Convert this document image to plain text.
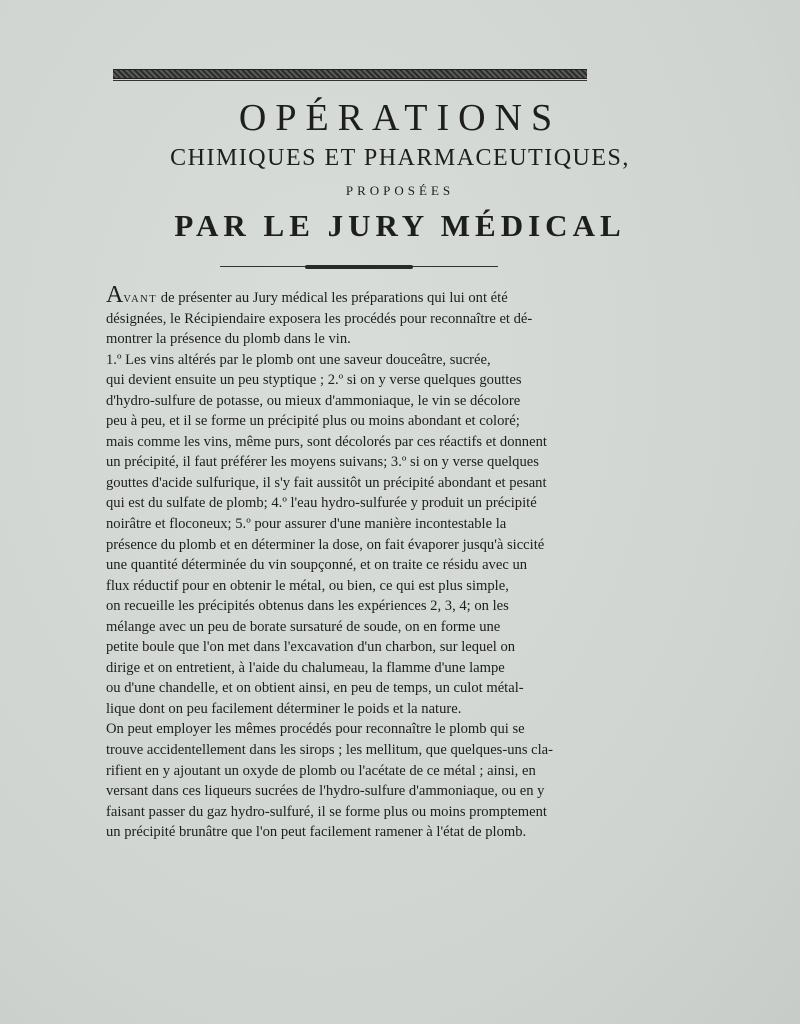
OPÉRATIONS
CHIMIQUES ET PHARMACEUTIQUES,
PROPOSÉES
PAR LE JURY MÉDICAL
AVANT de présenter au Jury médical les préparations qui lui ont été
désignées, le Récipiendaire exposera les procédés pour reconnaître et dé-
montrer la présence du plomb dans le vin.
1.º Les vins altérés par le plomb ont une saveur douceâtre, sucrée,
qui devient ensuite un peu styptique ; 2.º si on y verse quelques gouttes
d'hydro-sulfure de potasse, ou mieux d'ammoniaque, le vin se décolore
peu à peu, et il se forme un précipité plus ou moins abondant et coloré;
mais comme les vins, même purs, sont décolorés par ces réactifs et donnent
un précipité, il faut préférer les moyens suivans; 3.º si on y verse quelques
gouttes d'acide sulfurique, il s'y fait aussitôt un précipité abondant et pesant
qui est du sulfate de plomb; 4.º l'eau hydro-sulfurée y produit un précipité
noirâtre et floconeux; 5.º pour assurer d'une manière incontestable la
présence du plomb et en déterminer la dose, on fait évaporer jusqu'à siccité
une quantité déterminée du vin soupçonné, et on traite ce résidu avec un
flux réductif pour en obtenir le métal, ou bien, ce qui est plus simple,
on recueille les précipités obtenus dans les expériences 2, 3, 4; on les
mélange avec un peu de borate sursaturé de soude, on en forme une
petite boule que l'on met dans l'excavation d'un charbon, sur lequel on
dirige et on entretient, à l'aide du chalumeau, la flamme d'une lampe
ou d'une chandelle, et on obtient ainsi, en peu de temps, un culot métal-
lique dont on peu facilement déterminer le poids et la nature.
On peut employer les mêmes procédés pour reconnaître le plomb qui se
trouve accidentellement dans les sirops ; les mellitum, que quelques-uns cla-
rifient en y ajoutant un oxyde de plomb ou l'acétate de ce métal ; ainsi, en
versant dans ces liqueurs sucrées de l'hydro-sulfure d'ammoniaque, ou en y
faisant passer du gaz hydro-sulfuré, il se forme plus ou moins promptement
un précipité brunâtre que l'on peut facilement ramener à l'état de plomb.
